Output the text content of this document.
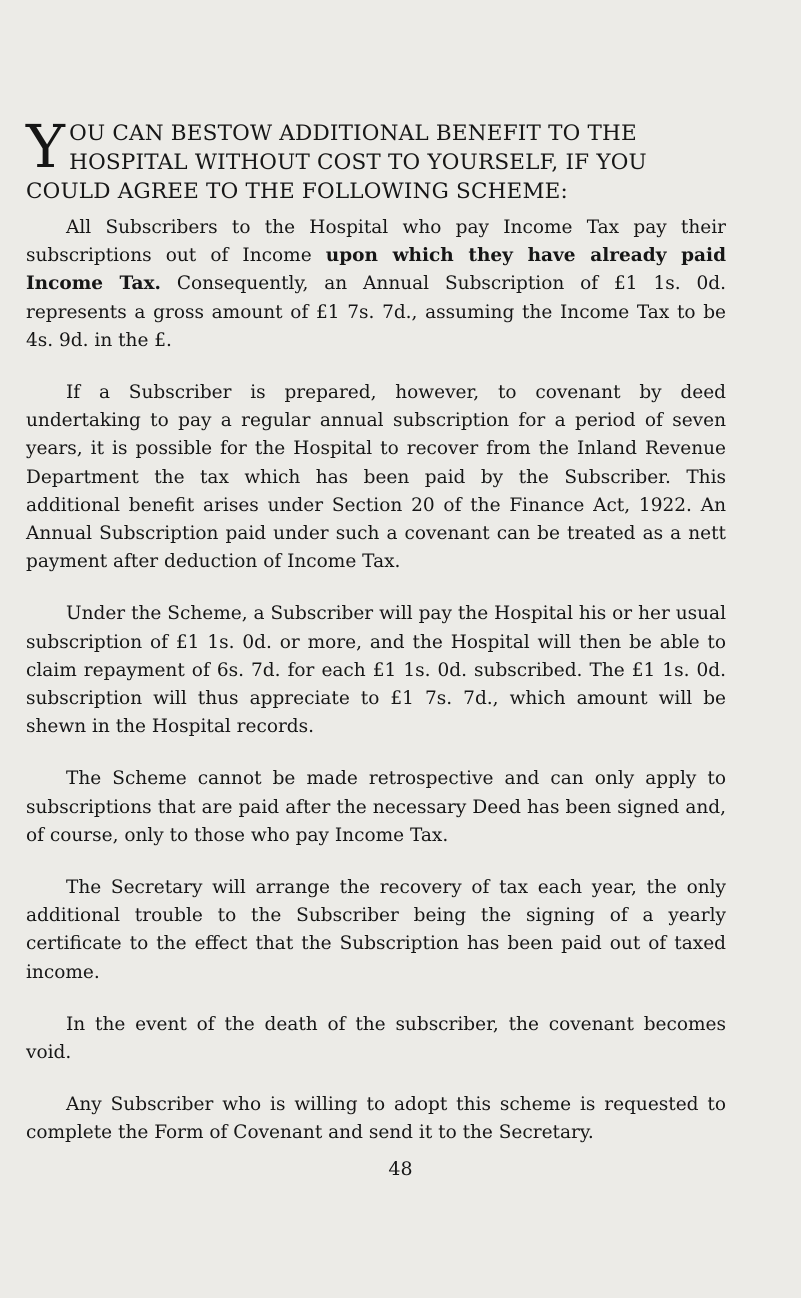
YOU CAN BESTOW ADDITIONAL BENEFIT TO THE HOSPITAL WITHOUT COST TO YOURSELF, IF YOU COULD AGREE TO THE FOLLOWING SCHEME:

All Subscribers to the Hospital who pay Income Tax pay their subscriptions out of Income upon which they have already paid Income Tax. Consequently, an Annual Subscription of £1 1s. 0d. represents a gross amount of £1 7s. 7d., assuming the Income Tax to be 4s. 9d. in the £.

If a Subscriber is prepared, however, to covenant by deed undertaking to pay a regular annual subscription for a period of seven years, it is possible for the Hospital to recover from the Inland Revenue Department the tax which has been paid by the Subscriber. This additional benefit arises under Section 20 of the Finance Act, 1922. An Annual Subscription paid under such a covenant can be treated as a nett payment after deduction of Income Tax.

Under the Scheme, a Subscriber will pay the Hospital his or her usual subscription of £1 1s. 0d. or more, and the Hospital will then be able to claim repayment of 6s. 7d. for each £1 1s. 0d. subscribed. The £1 1s. 0d. subscription will thus appreciate to £1 7s. 7d., which amount will be shewn in the Hospital records.

The Scheme cannot be made retrospective and can only apply to subscriptions that are paid after the necessary Deed has been signed and, of course, only to those who pay Income Tax.

The Secretary will arrange the recovery of tax each year, the only additional trouble to the Subscriber being the signing of a yearly certificate to the effect that the Subscription has been paid out of taxed income.

In the event of the death of the subscriber, the covenant becomes void.

Any Subscriber who is willing to adopt this scheme is requested to complete the Form of Covenant and send it to the Secretary.

48
